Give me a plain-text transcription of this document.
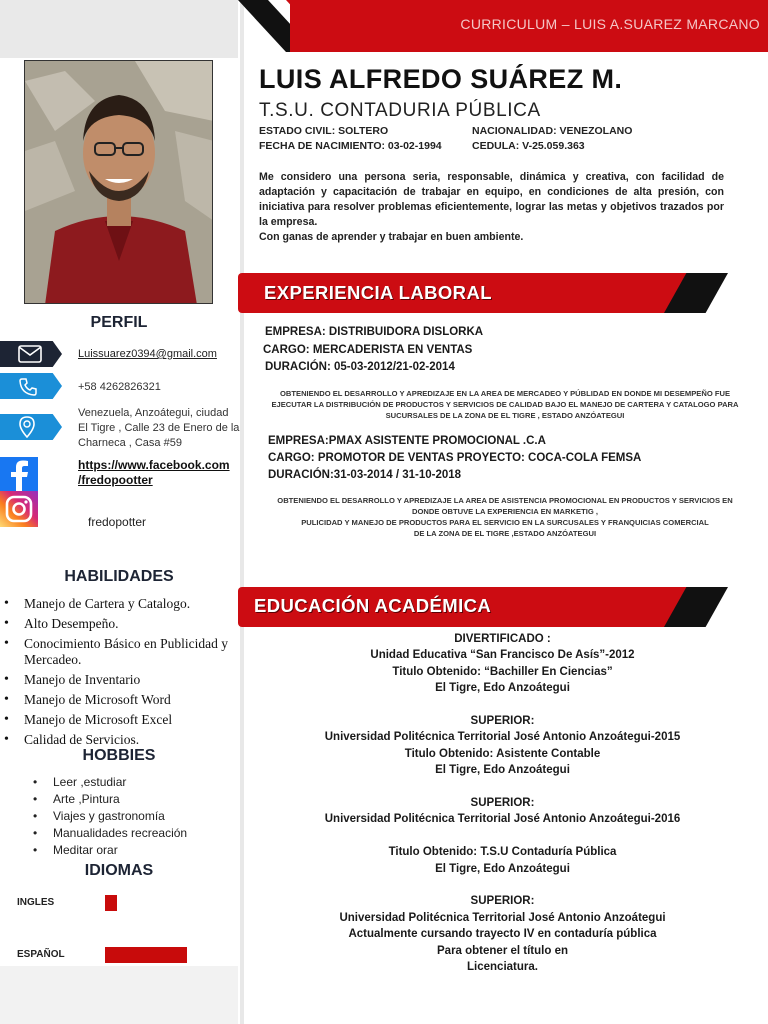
PERFIL
Luissuarez0394@gmail.com
+58 4262826321
Venezuela, Anzoátegui, ciudad El Tigre , Calle 23 de Enero de la Charneca , Casa #59
https://www.facebook.com
/fredopootter
fredopotter
HABILIDADES
• Manejo de Cartera y Catalogo.
• Alto Desempeño.
• Conocimiento Básico en Publicidad y Mercadeo.
• Manejo de Inventario
• Manejo de Microsoft Word
• Manejo de Microsoft Excel
• Calidad de Servicios.
HOBBIES
• Leer ,estudiar
• Arte ,Pintura
• Viajes y gastronomía
• Manualidades recreación
• Meditar orar
IDIOMAS
INGLES
ESPAÑOL
CURRICULUM – LUIS A.SUAREZ MARCANO
LUIS ALFREDO SUÁREZ M.
T.S.U. CONTADURIA PÚBLICA
ESTADO CIVIL: SOLTERO	NACIONALIDAD: VENEZOLANO
FECHA DE NACIMIENTO: 03-02-1994	CEDULA: V-25.059.363
Me considero una persona seria, responsable, dinámica y creativa, con facilidad de adaptación y capacitación de trabajar en equipo, en condiciones de alta presión, con iniciativa para resolver problemas eficientemente, lograr las metas y objetivos trazados por la empresa.
Con ganas de aprender y trabajar en buen ambiente.
EXPERIENCIA LABORAL
EMPRESA: DISTRIBUIDORA DISLORKA
CARGO: MERCADERISTA EN VENTAS
DURACIÓN: 05-03-2012/21-02-2014
OBTENIENDO EL DESARROLLO Y APREDIZAJE EN LA AREA DE MERCADEO Y PÚBLIDAD EN DONDE MI DESEMPEÑO FUE
EJECUTAR LA DISTRIBUCIÓN DE PRODUCTOS Y SERVICIOS DE CALIDAD BAJO EL MANEJO DE CARTERA Y CATALOGO PARA
SUCURSALES DE LA ZONA DE EL TIGRE , ESTADO ANZÓATEGUI
EMPRESA:PMAX ASISTENTE PROMOCIONAL .C.A
CARGO: PROMOTOR DE VENTAS PROYECTO: COCA-COLA FEMSA
DURACIÓN:31-03-2014 / 31-10-2018
OBTENIENDO EL DESARROLLO Y APREDIZAJE LA AREA DE ASISTENCIA PROMOCIONAL EN PRODUCTOS Y SERVICIOS EN
DONDE OBTUVE LA EXPERIENCIA EN MARKETIG ,
PULICIDAD Y MANEJO DE PRODUCTOS PARA EL SERVICIO EN LA SURCUSALES Y FRANQUICIAS COMERCIAL
DE LA ZONA DE EL TIGRE ,ESTADO ANZÓATEGUI
EDUCACIÓN ACADÉMICA
DIVERTIFICADO :
Unidad Educativa “San Francisco De Asís”-2012
Titulo Obtenido: “Bachiller En Ciencias”
El Tigre, Edo Anzoátegui
SUPERIOR:
Universidad Politécnica Territorial José Antonio Anzoátegui-2015
Titulo Obtenido: Asistente Contable
El Tigre, Edo Anzoátegui
SUPERIOR:
Universidad Politécnica Territorial José Antonio Anzoátegui-2016
Titulo Obtenido: T.S.U Contaduría Pública
El Tigre, Edo Anzoátegui
SUPERIOR:
Universidad Politécnica Territorial José Antonio Anzoátegui
Actualmente cursando trayecto IV en contaduría pública
Para obtener el título en
Licenciatura.
